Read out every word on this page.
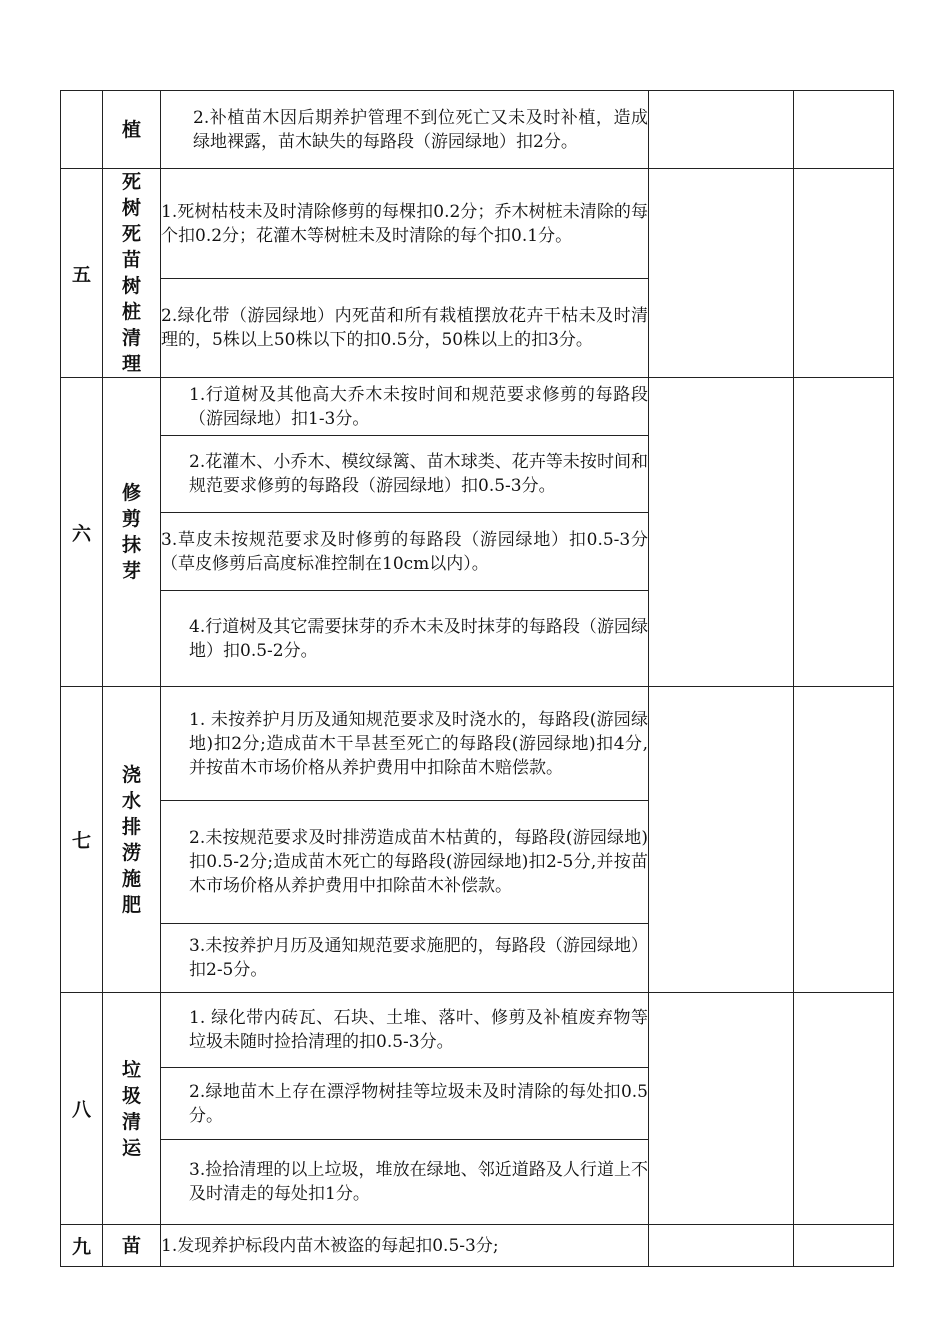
	植	2.补植苗木因后期养护管理不到位死亡又未及时补植，造成绿地裸露，苗木缺失的每路段（游园绿地）扣2分。		
五	死树死苗树桩清理	1.死树枯枝未及时清除修剪的每棵扣0.2分；乔木树桩未清除的每个扣0.2分；花灌木等树桩未及时清除的每个扣0.1分。		
		2.绿化带（游园绿地）内死苗和所有栽植摆放花卉干枯未及时清理的，5株以上50株以下的扣0.5分，50株以上的扣3分。		
六	修剪抹芽	1.行道树及其他高大乔木未按时间和规范要求修剪的每路段（游园绿地）扣1-3分。		
		2.花灌木、小乔木、模纹绿篱、苗木球类、花卉等未按时间和规范要求修剪的每路段（游园绿地）扣0.5-3分。		
		3.草皮未按规范要求及时修剪的每路段（游园绿地）扣0.5-3分（草皮修剪后高度标准控制在10cm以内）。		
		4.行道树及其它需要抹芽的乔木未及时抹芽的每路段（游园绿地）扣0.5-2分。		
七	浇水排涝施肥	1. 未按养护月历及通知规范要求及时浇水的，每路段(游园绿地)扣2分;造成苗木干旱甚至死亡的每路段(游园绿地)扣4分,并按苗木市场价格从养护费用中扣除苗木赔偿款。		
		2.未按规范要求及时排涝造成苗木枯黄的，每路段(游园绿地)扣0.5-2分;造成苗木死亡的每路段(游园绿地)扣2-5分,并按苗木市场价格从养护费用中扣除苗木补偿款。		
		3.未按养护月历及通知规范要求施肥的，每路段（游园绿地）扣2-5分。		
八	垃圾清运	1. 绿化带内砖瓦、石块、土堆、落叶、修剪及补植废弃物等垃圾未随时捡拾清理的扣0.5-3分。		
		2.绿地苗木上存在漂浮物树挂等垃圾未及时清除的每处扣0.5分。		
		3.捡拾清理的以上垃圾，堆放在绿地、邻近道路及人行道上不及时清走的每处扣1分。		
九	苗	1.发现养护标段内苗木被盗的每起扣0.5-3分;		
